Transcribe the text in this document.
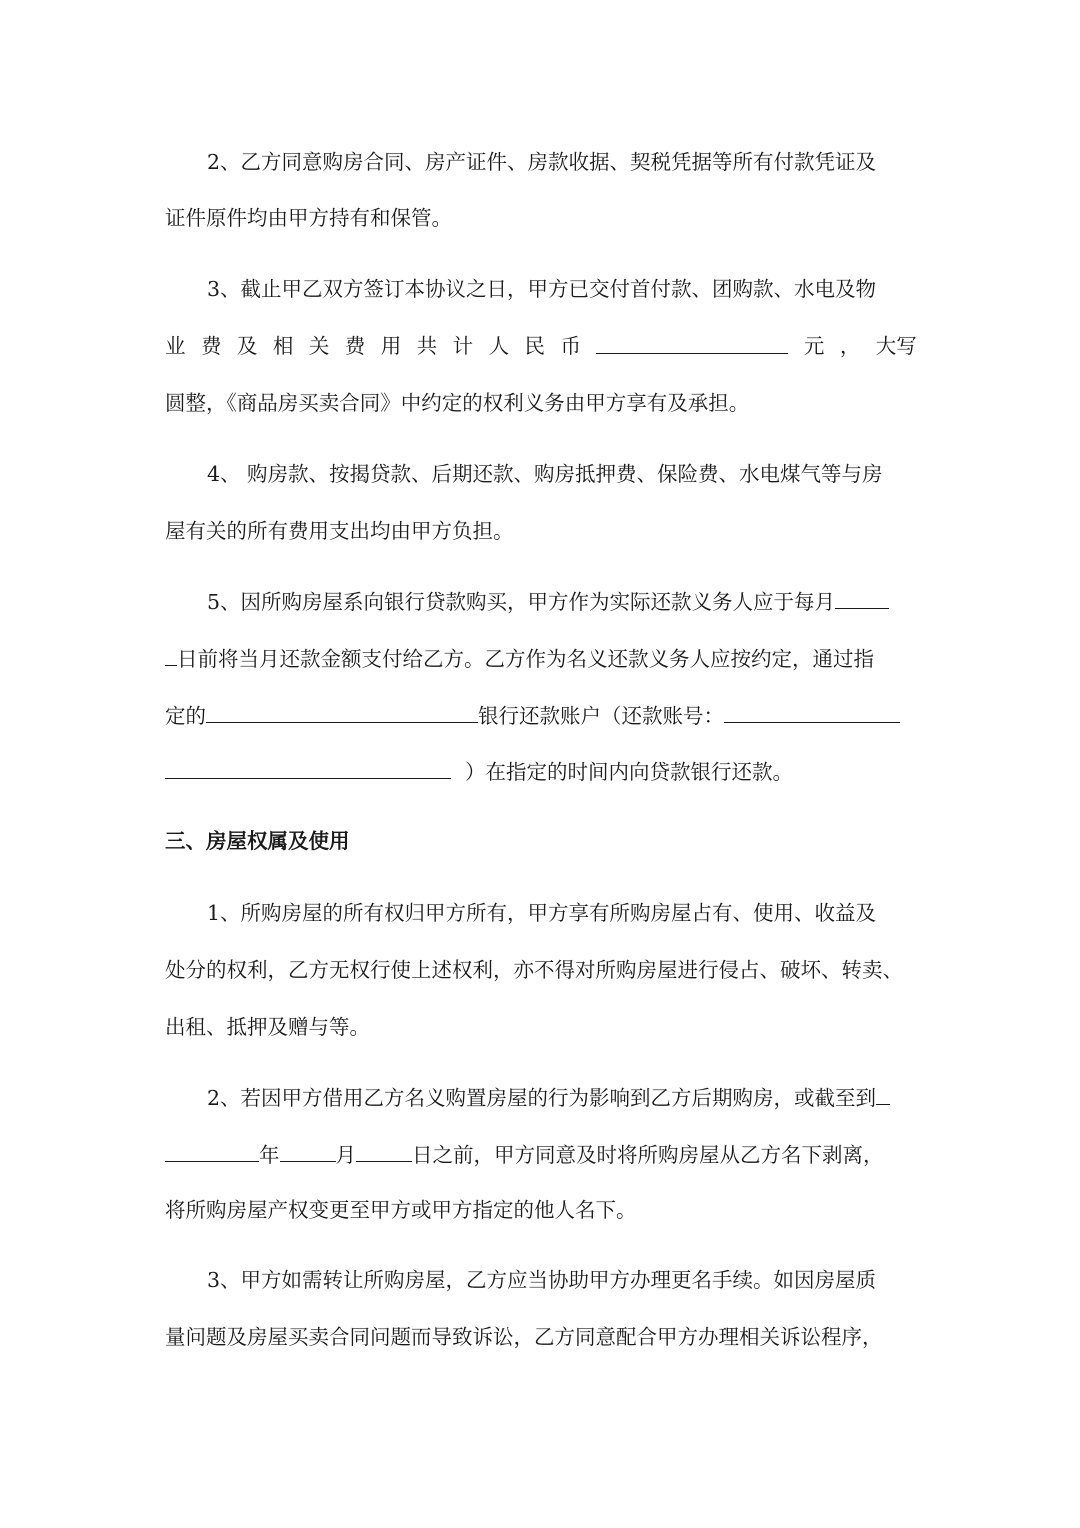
2、乙方同意购房合同、房产证件、房款收据、契税凭据等所有付款凭证及
证件原件均由甲方持有和保管。
3、截止甲乙双方签订本协议之日，甲方已交付首付款、团购款、水电及物
业 费 及 相 关 费 用 共 计 人 民 币	元 ， 大写
圆整，《商品房买卖合同》中约定的权利义务由甲方享有及承担。
4、 购房款、按揭贷款、后期还款、购房抵押费、保险费、水电煤气等与房
屋有关的所有费用支出均由甲方负担。
5、因所购房屋系向银行贷款购买，甲方作为实际还款义务人应于每月
日前将当月还款金额支付给乙方。乙方作为名义还款义务人应按约定，通过指
定的	银行还款账户（还款账号：
）在指定的时间内向贷款银行还款。
三、房屋权属及使用
1、所购房屋的所有权归甲方所有，甲方享有所购房屋占有、使用、收益及
处分的权利，乙方无权行使上述权利，亦不得对所购房屋进行侵占、破坏、转卖、
出租、抵押及赠与等。
2、若因甲方借用乙方名义购置房屋的行为影响到乙方后期购房，或截至到
年	月	日之前，甲方同意及时将所购房屋从乙方名下剥离，
将所购房屋产权变更至甲方或甲方指定的他人名下。
3、甲方如需转让所购房屋，乙方应当协助甲方办理更名手续。如因房屋质
量问题及房屋买卖合同问题而导致诉讼，乙方同意配合甲方办理相关诉讼程序，
